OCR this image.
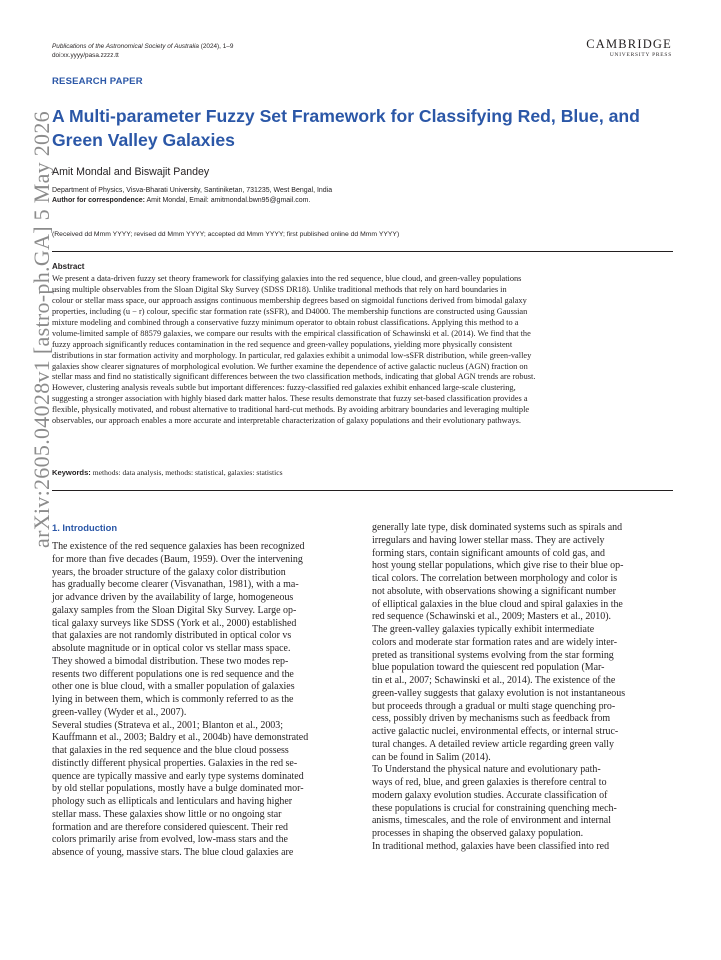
arXiv:2605.04028v1 [astro-ph.GA] 5 May 2026
Publications of the Astronomical Society of Australia (2024), 1–9
doi:xx.yyyy/pasa.zzzz.tt
CAMBRIDGE
UNIVERSITY PRESS
RESEARCH PAPER
A Multi-parameter Fuzzy Set Framework for Classifying Red, Blue, and Green Valley Galaxies
Amit Mondal and Biswajit Pandey
Department of Physics, Visva-Bharati University, Santiniketan, 731235, West Bengal, India
Author for correspondence: Amit Mondal, Email: amitmondal.bwn95@gmail.com.
(Received dd Mmm YYYY; revised dd Mmm YYYY; accepted dd Mmm YYYY; first published online dd Mmm YYYY)
Abstract
We present a data-driven fuzzy set theory framework for classifying galaxies into the red sequence, blue cloud, and green-valley populations
using multiple observables from the Sloan Digital Sky Survey (SDSS DR18). Unlike traditional methods that rely on hard boundaries in
colour or stellar mass space, our approach assigns continuous membership degrees based on sigmoidal functions derived from bimodal galaxy
properties, including (u − r) colour, specific star formation rate (sSFR), and D4000. The membership functions are constructed using Gaussian
mixture modeling and combined through a conservative fuzzy minimum operator to obtain robust classifications. Applying this method to a
volume-limited sample of 88579 galaxies, we compare our results with the empirical classification of Schawinski et al. (2014). We find that the
fuzzy approach significantly reduces contamination in the red sequence and green-valley populations, yielding more physically consistent
distributions in star formation activity and morphology. In particular, red galaxies exhibit a unimodal low-sSFR distribution, while green-valley
galaxies show clearer signatures of morphological evolution. We further examine the dependence of active galactic nucleus (AGN) fraction on
stellar mass and find no statistically significant differences between the two classification methods, indicating that global AGN trends are robust.
However, clustering analysis reveals subtle but important differences: fuzzy-classified red galaxies exhibit enhanced large-scale clustering,
suggesting a stronger association with highly biased dark matter halos. These results demonstrate that fuzzy set-based classification provides a
flexible, physically motivated, and robust alternative to traditional hard-cut methods. By avoiding arbitrary boundaries and leveraging multiple
observables, our approach enables a more accurate and interpretable characterization of galaxy populations and their evolutionary pathways.
Keywords: methods: data analysis, methods: statistical, galaxies: statistics
1. Introduction
The existence of the red sequence galaxies has been recognized
for more than five decades (Baum, 1959). Over the intervening
years, the broader structure of the galaxy color distribution
has gradually become clearer (Visvanathan, 1981), with a ma-
jor advance driven by the availability of large, homogeneous
galaxy samples from the Sloan Digital Sky Survey. Large op-
tical galaxy surveys like SDSS (York et al., 2000) established
that galaxies are not randomly distributed in optical color vs
absolute magnitude or in optical color vs stellar mass space.
They showed a bimodal distribution. These two modes rep-
resents two different populations one is red sequence and the
other one is blue cloud, with a smaller population of galaxies
lying in between them, which is commonly referred to as the
green-valley (Wyder et al., 2007).
Several studies (Strateva et al., 2001; Blanton et al., 2003;
Kauffmann et al., 2003; Baldry et al., 2004b) have demonstrated
that galaxies in the red sequence and the blue cloud possess
distinctly different physical properties. Galaxies in the red se-
quence are typically massive and early type systems dominated
by old stellar populations, mostly have a bulge dominated mor-
phology such as ellipticals and lenticulars and having higher
stellar mass. These galaxies show little or no ongoing star
formation and are therefore considered quiescent. Their red
colors primarily arise from evolved, low-mass stars and the
absence of young, massive stars. The blue cloud galaxies are
generally late type, disk dominated systems such as spirals and
irregulars and having lower stellar mass. They are actively
forming stars, contain significant amounts of cold gas, and
host young stellar populations, which give rise to their blue op-
tical colors. The correlation between morphology and color is
not absolute, with observations showing a significant number
of elliptical galaxies in the blue cloud and spiral galaxies in the
red sequence (Schawinski et al., 2009; Masters et al., 2010).
The green-valley galaxies typically exhibit intermediate
colors and moderate star formation rates and are widely inter-
preted as transitional systems evolving from the star forming
blue population toward the quiescent red population (Mar-
tin et al., 2007; Schawinski et al., 2014). The existence of the
green-valley suggests that galaxy evolution is not instantaneous
but proceeds through a gradual or multi stage quenching pro-
cess, possibly driven by mechanisms such as feedback from
active galactic nuclei, environmental effects, or internal struc-
tural changes. A detailed review article regarding green vally
can be found in Salim (2014).
To Understand the physical nature and evolutionary path-
ways of red, blue, and green galaxies is therefore central to
modern galaxy evolution studies. Accurate classification of
these populations is crucial for constraining quenching mech-
anisms, timescales, and the role of environment and internal
processes in shaping the observed galaxy population.
In traditional method, galaxies have been classified into red
